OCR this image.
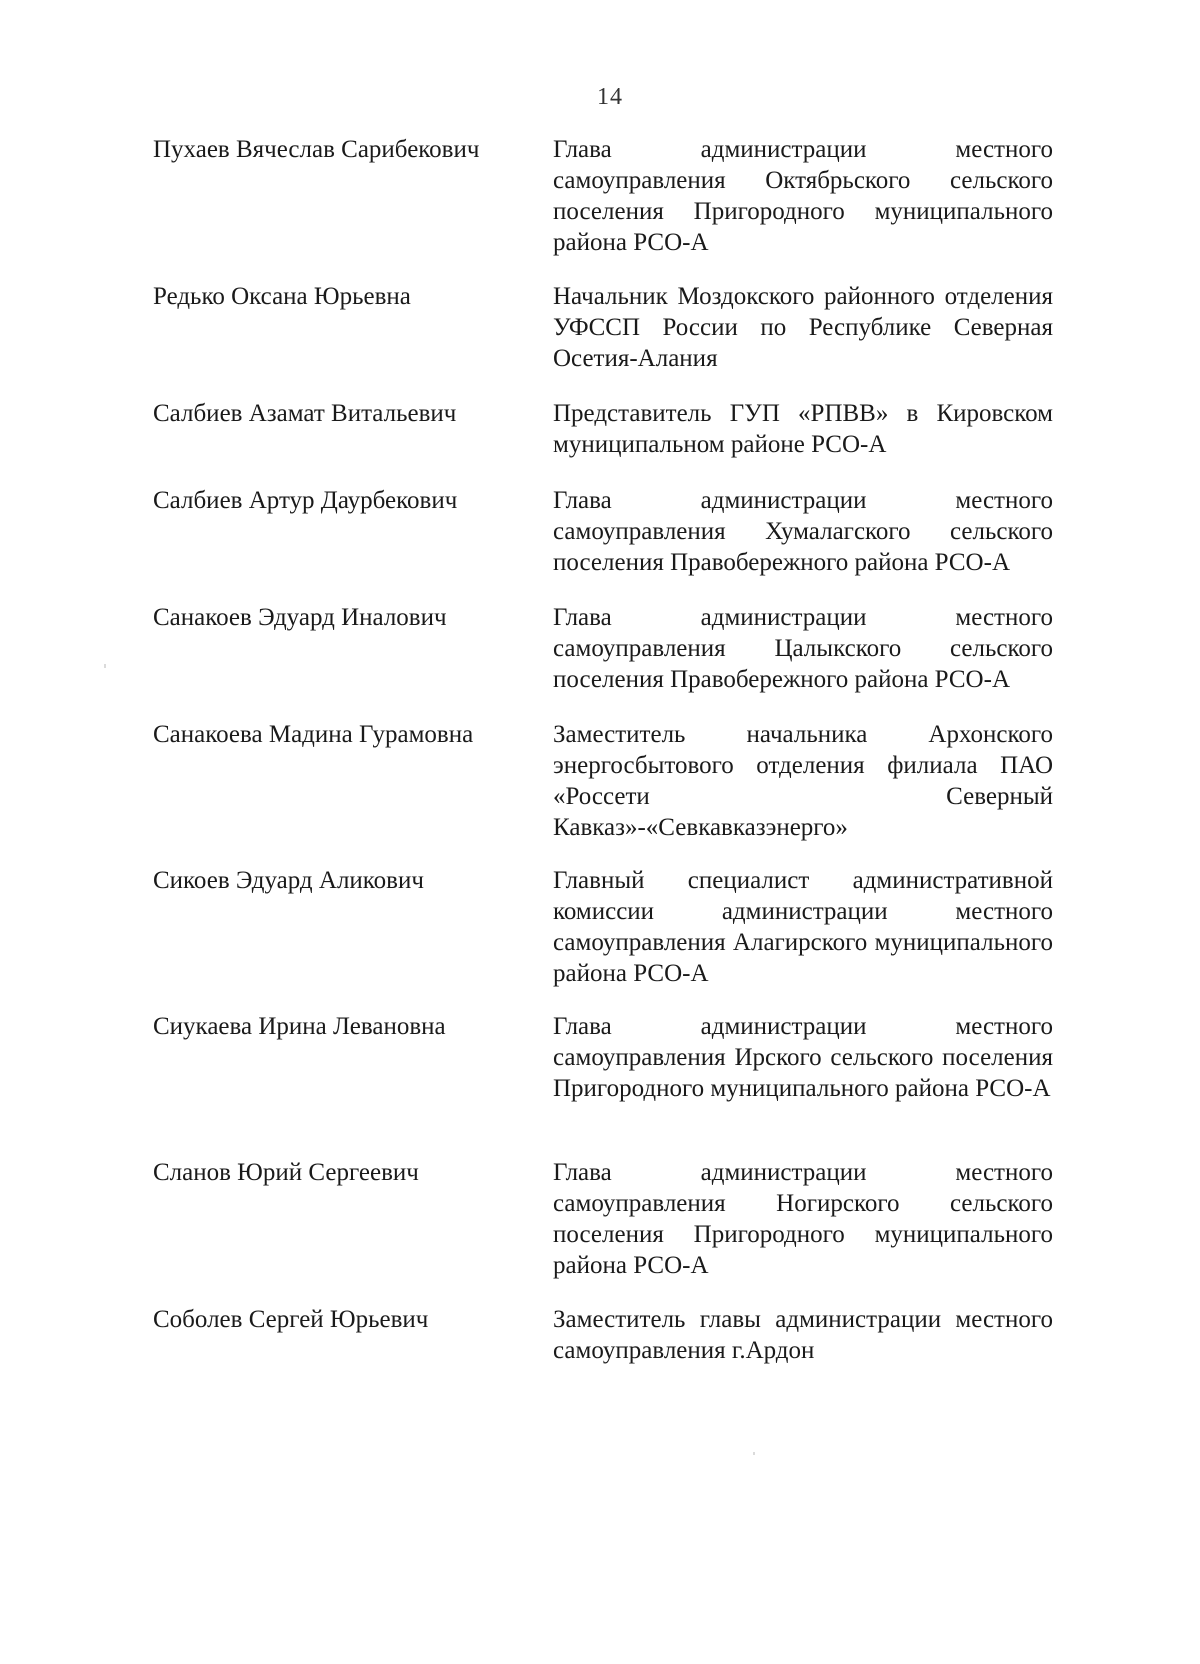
14
Пухаев Вячеслав Сарибекович	Глава администрации местного самоуправления Октябрьского сельского поселения Пригородного муниципального района РСО-А
Редько Оксана Юрьевна	Начальник Моздокского районного отделения УФССП России по Республике Северная Осетия-Алания
Салбиев Азамат Витальевич	Представитель ГУП «РПВВ» в Кировском муниципальном районе РСО-А
Салбиев Артур Даурбекович	Глава администрации местного самоуправления Хумалагского сельского поселения Правобережного района РСО-А
Санакоев Эдуард Иналович	Глава администрации местного самоуправления Цалыкского сельского поселения Правобережного района РСО-А
Санакоева Мадина Гурамовна	Заместитель начальника Архонского энергосбытового отделения филиала ПАО «Россети Северный Кавказ»-«Севкавказэнерго»
Сикоев Эдуард Аликович	Главный специалист административной комиссии администрации местного самоуправления Алагирского муниципального района РСО-А
Сиукаева Ирина Левановна	Глава администрации местного самоуправления Ирского сельского поселения Пригородного муниципального района РСО-А
Сланов Юрий Сергеевич	Глава администрации местного самоуправления Ногирского сельского поселения Пригородного муниципального района РСО-А
Соболев Сергей Юрьевич	Заместитель главы администрации местного самоуправления г.Ардон
